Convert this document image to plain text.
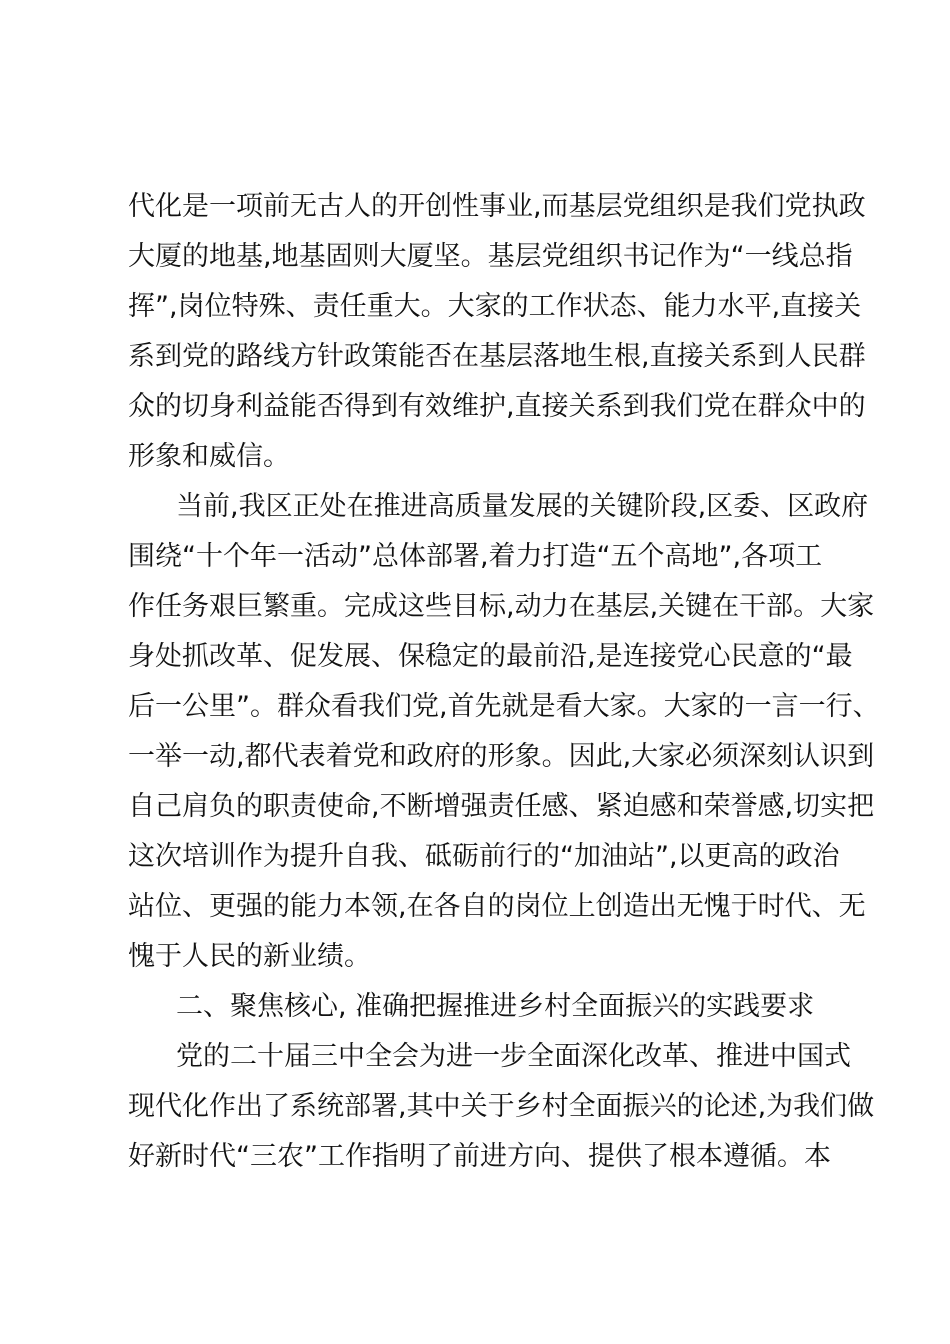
代化是一项前无古人的开创性事业,而基层党组织是我们党执政
大厦的地基,地基固则大厦坚。基层党组织书记作为“一线总指
挥”,岗位特殊、责任重大。大家的工作状态、能力水平,直接关
系到党的路线方针政策能否在基层落地生根,直接关系到人民群
众的切身利益能否得到有效维护,直接关系到我们党在群众中的
形象和威信。
当前,我区正处在推进高质量发展的关键阶段,区委、区政府
围绕“十个年一活动”总体部署,着力打造“五个高地”,各项工
作任务艰巨繁重。完成这些目标,动力在基层,关键在干部。大家
身处抓改革、促发展、保稳定的最前沿,是连接党心民意的“最
后一公里”。群众看我们党,首先就是看大家。大家的一言一行、
一举一动,都代表着党和政府的形象。因此,大家必须深刻认识到
自己肩负的职责使命,不断增强责任感、紧迫感和荣誉感,切实把
这次培训作为提升自我、砥砺前行的“加油站”,以更高的政治
站位、更强的能力本领,在各自的岗位上创造出无愧于时代、无
愧于人民的新业绩。
二、聚焦核心, 准确把握推进乡村全面振兴的实践要求
党的二十届三中全会为进一步全面深化改革、推进中国式
现代化作出了系统部署,其中关于乡村全面振兴的论述,为我们做
好新时代“三农”工作指明了前进方向、提供了根本遵循。本
